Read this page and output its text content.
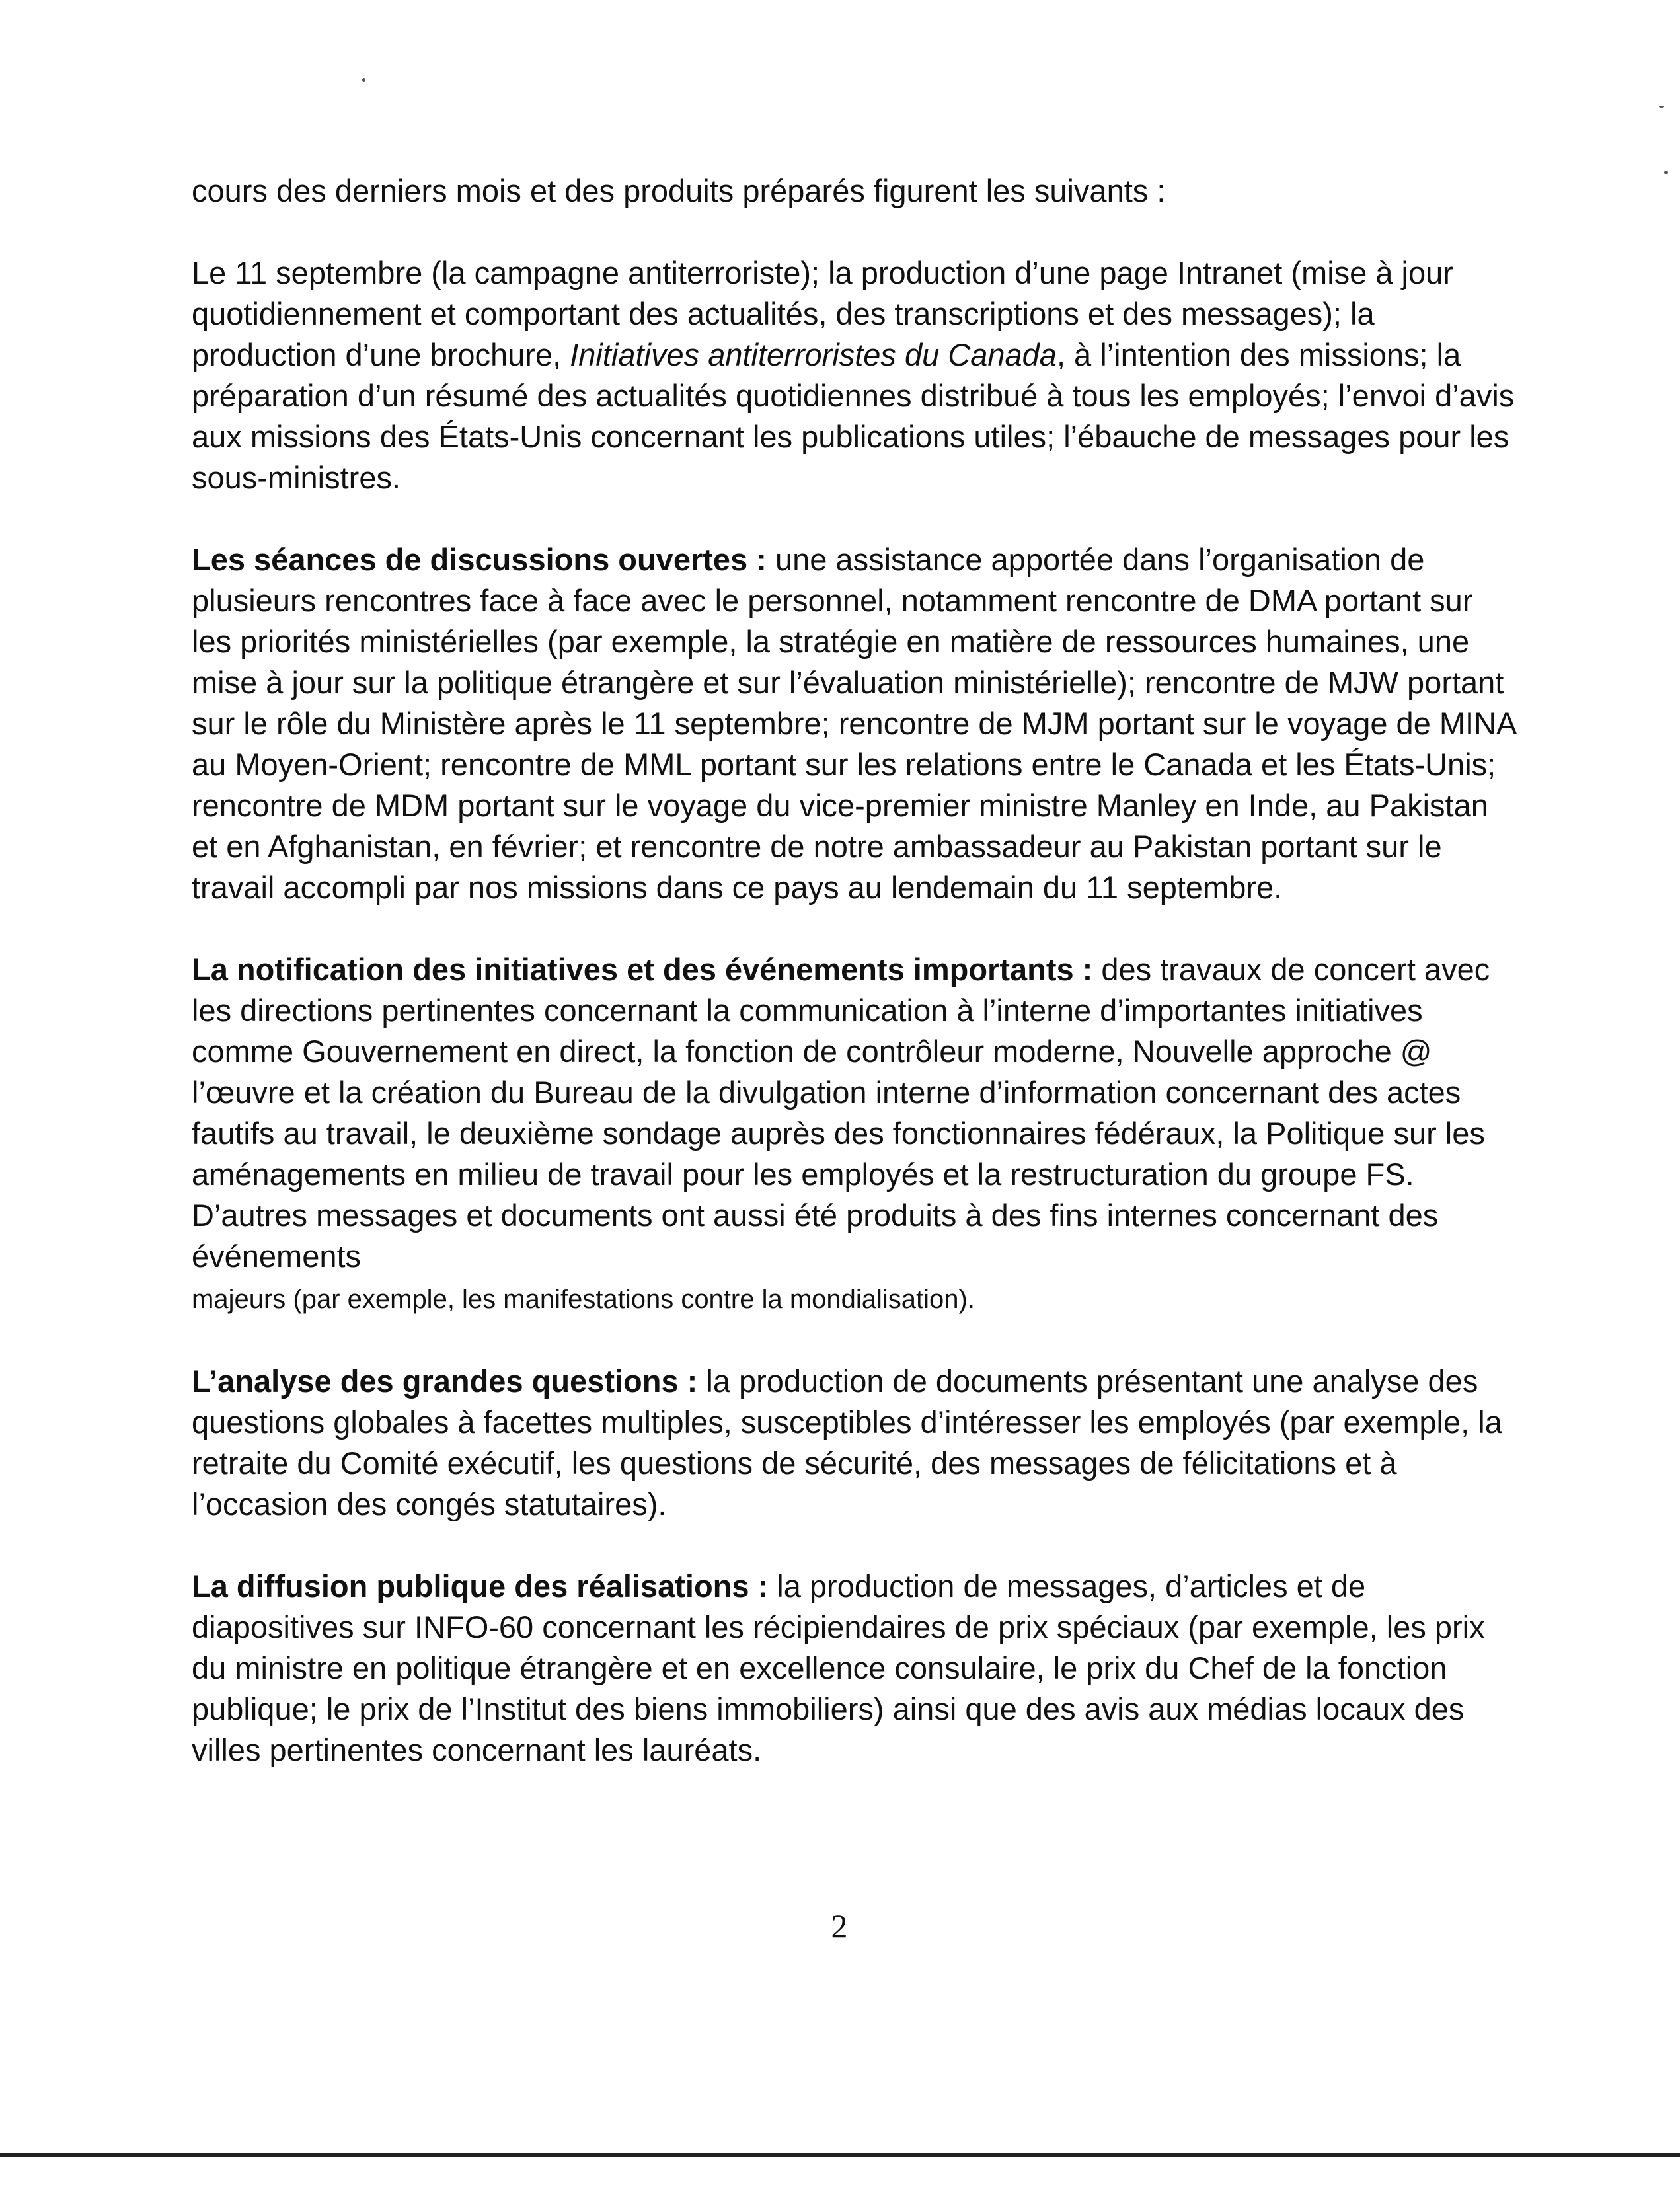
cours des derniers mois et des produits préparés figurent les suivants :

Le 11 septembre (la campagne antiterroriste); la production d’une page Intranet (mise à jour quotidiennement et comportant des actualités, des transcriptions et des messages); la production d’une brochure, Initiatives antiterroristes du Canada, à l’intention des missions; la préparation d’un résumé des actualités quotidiennes distribué à tous les employés; l’envoi d’avis aux missions des États-Unis concernant les publications utiles; l’ébauche de messages pour les sous-ministres.

Les séances de discussions ouvertes : une assistance apportée dans l’organisation de plusieurs rencontres face à face avec le personnel, notamment rencontre de DMA portant sur les priorités ministérielles (par exemple, la stratégie en matière de ressources humaines, une mise à jour sur la politique étrangère et sur l’évaluation ministérielle); rencontre de MJW portant sur le rôle du Ministère après le 11 septembre; rencontre de MJM portant sur le voyage de MINA au Moyen-Orient; rencontre de MML portant sur les relations entre le Canada et les États-Unis; rencontre de MDM portant sur le voyage du vice-premier ministre Manley en Inde, au Pakistan et en Afghanistan, en février; et rencontre de notre ambassadeur au Pakistan portant sur le travail accompli par nos missions dans ce pays au lendemain du 11 septembre.

La notification des initiatives et des événements importants : des travaux de concert avec les directions pertinentes concernant la communication à l’interne d’importantes initiatives comme Gouvernement en direct, la fonction de contrôleur moderne, Nouvelle approche @ l’œuvre et la création du Bureau de la divulgation interne d’information concernant des actes fautifs au travail, le deuxième sondage auprès des fonctionnaires fédéraux, la Politique sur les aménagements en milieu de travail pour les employés et la restructuration du groupe FS. D’autres messages et documents ont aussi été produits à des fins internes concernant des événements
majeurs (par exemple, les manifestations contre la mondialisation).

L’analyse des grandes questions : la production de documents présentant une analyse des questions globales à facettes multiples, susceptibles d’intéresser les employés (par exemple, la retraite du Comité exécutif, les questions de sécurité, des messages de félicitations et à l’occasion des congés statutaires).

La diffusion publique des réalisations : la production de messages, d’articles et de diapositives sur INFO-60 concernant les récipiendaires de prix spéciaux (par exemple, les prix du ministre en politique étrangère et en excellence consulaire, le prix du Chef de la fonction publique; le prix de l’Institut des biens immobiliers) ainsi que des avis aux médias locaux des villes pertinentes concernant les lauréats.

2
